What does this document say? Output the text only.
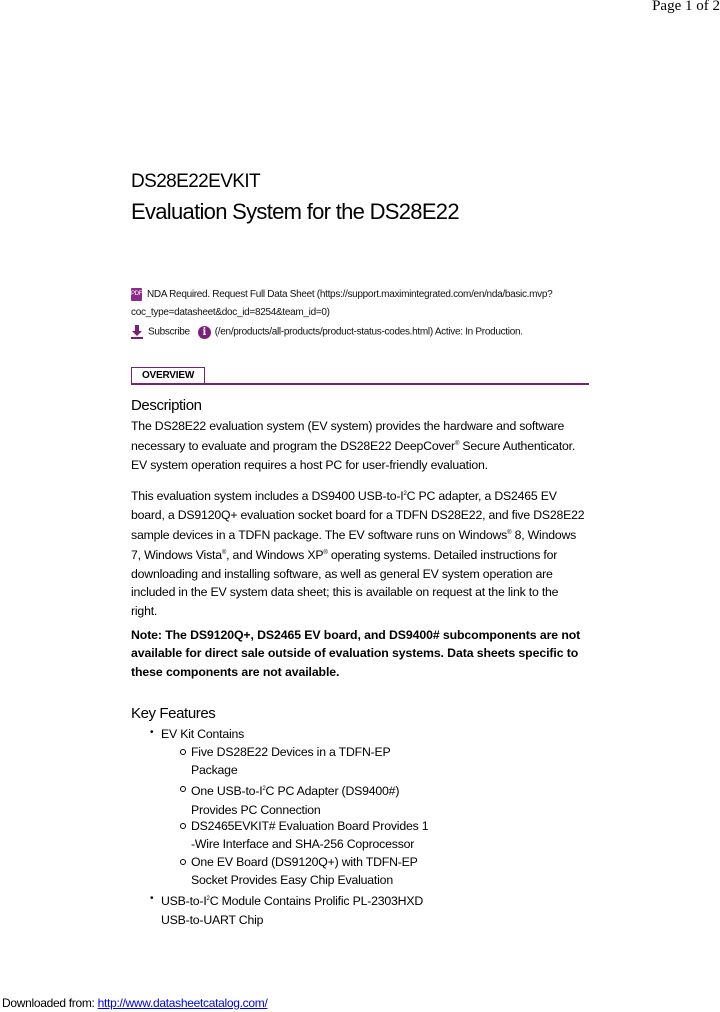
Page 1 of 2
DS28E22EVKIT
Evaluation System for the DS28E22
PDF NDA Required. Request Full Data Sheet (https://support.maximintegrated.com/en/nda/basic.mvp?
coc_type=datasheet&doc_id=8254&team_id=0)
Subscribe i (/en/products/all-products/product-status-codes.html) Active: In Production.
OVERVIEW
Description
The DS28E22 evaluation system (EV system) provides the hardware and software
necessary to evaluate and program the DS28E22 DeepCover® Secure Authenticator.
EV system operation requires a host PC for user-friendly evaluation.
This evaluation system includes a DS9400 USB-$to-I^2C$ PC adapter, a DS2465 EV
board, a DS9120Q+ evaluation socket board for a TDFN DS28E22, and five DS28E22
sample devices in a TDFN package. The EV software runs on Windows® 8, Windows
7, Windows Vista®, and Windows XP® operating systems. Detailed instructions for
downloading and installing software, as well as general EV system operation are
included in the EV system data sheet; this is available on request at the link to the
right.
Note: The DS9120Q+, DS2465 EV board, and DS9400# subcomponents are not
available for direct sale outside of evaluation systems. Data sheets specific to
these components are not available.
Key Features
• EV Kit Contains
Five DS28E22 Devices in a TDFN-EP
Package
One USB-$to-I^2C$ PC Adapter (DS9400#)
Provides PC Connection
DS2465EVKIT# Evaluation Board Provides 1
-Wire Interface and SHA-256 Coprocessor
One EV Board (DS9120Q+) with TDFN-EP
Socket Provides Easy Chip Evaluation
• USB-$to-I^2C$ Module Contains Prolific PL-2303HXD
USB-to-UART Chip
Downloaded from: http://www.datasheetcatalog.com/
